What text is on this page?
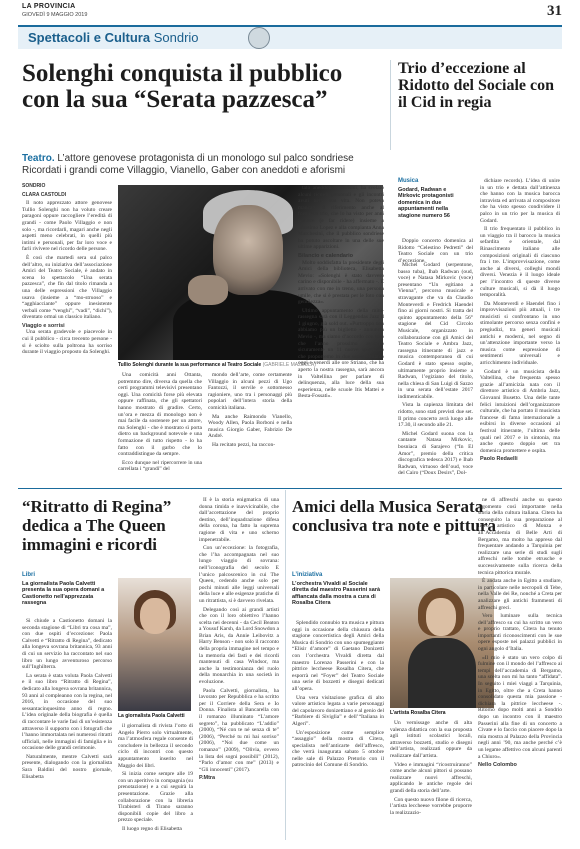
LA PROVINCIA
GIOVEDÌ 9 MAGGIO 2019	31
Spettacoli e Cultura Sondrio
Solenghi conquista il pubblico con la sua “Serata pazzesca”
Trio d’eccezione al Ridotto del Sociale con il Cid in regia
Teatro. L’attore genovese protagonista di un monologo sul palco sondriese Ricordati i grandi come Villaggio, Vianello, Gaber con aneddoti e aforismi
SONDRIO
CLARA CASTOLDI

Il noto apprezzato attore genovese Tullio Solenghi non ha voluto creare paragoni oppure raccogliere l’eredità di grandi - come Paolo Villaggio e non solo -, ma ricordarli, magari anche negli aspetti meno celebrati, in quelli più intimi e personali, per far loro voce e farli rivivere nel ricordo delle persone.

È così che martedì sera sul palco dell’altro, su iniziativa dell’associazione Amici del Teatro Sociale, è andato in scena lo spettacolo “Una serata pazzesca”, che fin dal titolo rimanda a una delle espressioni che Villaggio usava (insieme a “mo-struoso” e “agghiacciante” oppure inesistente verbali come “venghi”, “vadi”, “dichi”), diventato ormai un classico italiano.

Viaggio e sorrisi

Una serata gradevole e piacevole in cui il pubblico - circa trecento persone - si è sciolto sulla poltrona ha sorriso durante il viaggio proposto da Solenghi.

Tullio Solenghi durante la sua performance al Teatro Sociale (GABRIELE MAZZOLA)

Una comicità anni Ottanta, potremmo dire, diversa da quella che certi programmi televisivi presentano oggi. Una comicità forse più elevata oppure raffinata, che gli spettatori hanno mostrato di gradire. Certo, un’ora e mezza di monologo non è mai facile da sostenere per un attore, ma Solenghi - che è mostrato sì porta dietro un background notevole e una formazione di tutto rispetto - lo ha fatto con il garbo che lo contraddistingue da sempre.

Ecco dunque nel ripercorrere in una carrellata i “grandi” del

mondo dell’arte, come certamente Villaggio in alcuni pezzi di Ugo Fantozzi, il servile e sottomesso ragioniere, uno tra i personaggi più popolari dell’intera storia della comicità italiana.

Ma anche Raimondo Vianello, Woody Allen, Paola Borboni e nella musica Giorgio Gaber, Fabrizio De André.

Ha recitato pezzi, ha raccon-

tato aneddoti e aforismi, ha svelato alcuni ricordi personali e gli incontri avuti nella sua vita. Non poteva mancare il riferimento anche al fortunato trio, che lo ha visto per anni recitare (e far ridere) insieme a Massimo Lopez e alla compianta Anna Marchesini, che il pubblico sondriese ha potuto ascoltare in una delle sue ultime apparizioni.

Bilancio e calendario

Molto soddisfatta la presidente degli Amici della biblioteca, Elisabetta Mevio: «Solenghi è stato davvero carino e disponibile - ha affermato -. È arrivato con me in treno, una persona umile, che si è prestata per le foto con gentilezza».

Ultimo appuntamento della mini-rassegna sarà con il Leggendas Jazz il 1 giugno, già sold out. «Purtroppo non abbiamo più un biglietto - annuncia Mevio -, ma siamo d’accordo con loro che l’anno prossimo avranno sicuramente un 11 nuove spettacolo che proporremo in due serate. Intanto oggi e venerdì alle ore Striano, che ha aperto la nostra rassegna, sarà ancora in Valtellina per parlare di delinquenza, alla luce della sua esperienza, nelle scuole Itis Mattei e Besta-Fossati».

Musica
Godard, Radwan e Mirkovic protagonisti domenica in due appuntamenti nella stagione numero 56

Doppio concerto domenica al Ridotto “Celestino Pedretti” del Teatro Sociale con un trio d’eccezione.

Michel Godard (serpentone, basso tuba), Ihab Radwan (oud, voce) e Natasa Mirkovic (voce) presentano “Un egitiano a Vienna”, percorso musicale e stravagante che va da Claudio Monteverdi e Fredrich Haendel fino ai giorni nostri. Si tratta del quinto appuntamento della 56° stagione del Cid Circolo Musicale, organizzato in collaborazione con gli Amici del Teatro Sociale e Ambra Jazz, rassegna itinerante di jazz e musica contemporanea di cui Godard è stato spesso ospite, ultimamente proprio insieme a Radwan, l’egiziano del titolo, nella chiesa di San Luigi di Sazzo in una serata dell’estate 2017 indimenticabile.

Vista la capienza limitata del ridotto, sono stati previsti due set. Il primo concerto avrà luogo alle 17.30, il secondo alle 21.

Michel Godard suona con la cantante Natasa Mirkovic, bosniaca di Sarajevo (“In El Amor”, premio della critica discografica tedesca 2017) e Ihab Radwan, virtuoso dell’oud, voce del Cairo (“Doux Desirs”, Dol-

dichiare records). L’idea di unire in un trio e dettata dall’attinenza che hanno con la musica barocca intravista ed arrivata al compositore che ha visto spesso condividere il palco in un trio per la musica di Godard.

Il trio frequentato il pubblico in un viaggio tra il barocco la musica sefardita e orientale, dal Rinascimento italiano alle composizioni originali di ciascuno fra i tre. L’improvvisazione, come anche ai diversi, colleghi mondi diversi. Venezia è il luogo ideale per l’incontro di queste diverse culture musicali, si dà il luogo temporalità.

Da Monteverdi e Haendel fino i improvvisazioni più attuali, i tre musicisti si confrontano in uno stimolante percorso senza confini e pregiudizi, tra generi musicali antichi e moderni, nel segno di un’attenzione importante verso la musica come espressione di sentimenti universali e arricchimento individuale.

Godard è un musicista della Valtellina, che frequenta spesso grazie all’amicizia nata con il direttore artistico di Ambria Jazz, Giovanni Busetto. Una delle tante felici intuizioni dell’organizzatore culturale, che ha portato il musicista francese di fama internazionale a esibirsi in diverse occasioni al festival itinerante, l’ultima delle quali nel 2017 e in sintonia, ma anche questo doppio set tra domenica promettere e ospita.

Paolo Redaelli
“Ritratto di Regina” dedica a The Queen immagini e ricordi
Libri
La giornalista Paola Calvetti presenta la sua opera domani a Castionetto nell’apprezzata rassegna

Si chiude a Castionetto domani la seconda stagione di “Libri tra cosa ma”, con due ospiti d’eccezione: Paola Calvetti e “Ritratto di Regina”, dedicato alla longeva sovrana britannica, 93 anni di cui un servizio ha raccontato nel suo libro un lungo avventuroso percorso sull’Inghilterra.

La serata è stata voluta Paola Calvetti e il suo libro “Ritratto di Regina”, dedicato alla longeva sovrana britannica, 93 anni al compleanno con la regina, nel 2016, in occasione del suo sessantacinquesimo anno di regno. L’idea originale della biografia è quella di raccontare le varie fasi di un’esistenza attraverso il supporto con i fotografi che l’hanno immortalata nei numerosi ritratti ufficiali, nelle immagini di famiglia e in occasione delle grandi cerimonie.

Naturalmente, mentre Calvetti sarà presente, dialogando con la giornalista Sara Baldini del nostro giornale, Elisabetta

La giornalista Paola Calvetti

il giornalista di rivista l’orto di Angelo Pierro solo virtualmente, ma l’atmosfera regale consente di concludere in bellezza il secondo ciclo di incontri con questo appuntamento inserito nel Maggio dei libri.

Si inizia come sempre alle 19 con un aperitivo in compagnia (su prenotazione) e a cui seguirà la presentazione. Grazie alla collaborazione con la libreria Tirabisteri di Tirano saranno disponibili copie del libro a prezzo speciale.

Il luogo regno di Elisabetta

II è la storia enigmatica di una donna timida e inavvicinabile, che dall’accettazione del proprio destino, dell’inquadrazione difesa della corona, ha fatto la suprema ragione di vita e uno scherno impenetrabile.

Con un’eccezione: la fotografia, che l’ha accompagnata nel suo lungo viaggio di sovrana: nell’iconografia del secolo E l’unico palcoscenico in cui The Queen, cedendo anche solo per pochi minuti alle leggi universali della luce e alle esigenze pratiche di un ritrattista, si è davvero rivelata.

Delegando così ai grandi artisti che con il loro obiettivo l’hanno scelta nei decenni - da Cecil Beaton a Yousuf Karsh, da Lord Snowdon a Brian Aris, da Annie Leibovitz a Harry Benson - non solo il racconto della propria immagine nel tempo e la memoria dei fasti e dei ricordi mantenuti di casa Windsor, ma anche la testimonianza del ruolo della monarchia in una società in evoluzione.

Paola Calvetti, giornalista, ha lavorato per Repubblica e ha scritto per il Corriere della Sera e Io Donna. Finalista al Bancarella con il romanzo illuminato “L’amore segreto”, ha pubblicato “L’addio” (2000), “Né con te né senza di te” (2006), “Perché tu mi hai sorriso” (2006), “Noi due come un romanzo” (2009), “Olivia, ovvero la lista dei sogni possibili” (2012), “Parlo d’amor con me” (2013) e “Gli innocenti” (2017).

P.Mtra
Amici della Musica Serata conclusiva tra note e pittura
L’iniziativa
L’orchestra Vivaldi al Sociale diretta dal maestro Passerini sarà affiancata dalla mostra a cura di Rosalba Citera

Splendido connubio tra musica e pittura oggi in occasione della chiusura della stagione concertistica degli Amici della Musica di Sondrio con uno spumeggiante “Elisir d’amore” di Gaetano Donizetti con l’orchestra Vivaldi diretta dal maestro Lorenzo Passerini e con la pittrice leccheese Rosalba Citera, che esporrà nel “Foyer” del Teatro Sociale una serie di bozzetti e disegni dedicati all’opera.

Una vera visitazione grafica di alto valore artistico legata a varie personaggi del capolavoro donizettiano e al genio del “Barbiere di Siviglia” e dell’“Italiana in Algeri”.

Un’esposizione come semplice “assaggio” della mostra di Citera, specialista nell’anticarte dell’affresco, che verrà inaugurata sabato 5 ottobre nelle sale di Palazzo Pretorio con il patrocinio del Comune di Sondrio.

L’artista Rosalba Citera

Un vernissage anche di alta valenza didattica con la sua proposta agli istituti scolastici locali, attraverso bozzetti, studio e disegni dell’artista, realizzati oppure da realizzare dall’artista.

Video e immagini “ricostruiranno” come anche alcuni pittori si possano realizzare nuovi affreschi, applicando le antiche regole dei grandi della storia dell’arte.

Con questo nuovo filone di ricerca, l’artista leccheese vorrebbe proporre la realizzazio-

ne di affreschi anche su questo argomento così importante nella storia della cultura italiana. Citera ha conseguito la sua preparazione al liceo artistico di Monza e all’Accademia di Belle Arti di Bergamo, ma molto ha appreso dal frequentare andando a Tarquinia per realizzare una serie di studi sugli affreschi nelle tombe etrusche e successivamente sulla ricerca della tecnica pittorica murale.

È andata anche in Egitto a studiare, in particolare nelle necropoli di Tebe, nella Valle dei Re, nonché a Creta per analizzare gli antichi frammenti di affreschi greci.

Vero luminare sulla tecnica dell’affresco su cui ha scritto un vero e proprio trattato, Citera ha tenuto importanti riconoscimenti con le sue opere esposte nei palazzi pubblici in ogni angolo d’Italia.

«Il mio è stato un vero colpo di fulmine con il mondo del l’affresco ai tempi dell’accademia di Bergamo, una scelta non mi ha tanto “affidata”. In seguito i miei viaggi a Tarquinia, in Egitto, oltre che a Creta hanno consolidato questa mia passione - dichiara la pittrice leccheese -. Ritorno dopo molti anni a Sondrio dopo un incontro con il maestro Passerini alla fine di un concerto a Civate e lo faccio con piacere dopo la mia mostra al Palazzo della Provincia negli anni ’90, ma anche perché c’è un legame affettivo con alcuni parenti a Chiuro».

Nello Colombo
